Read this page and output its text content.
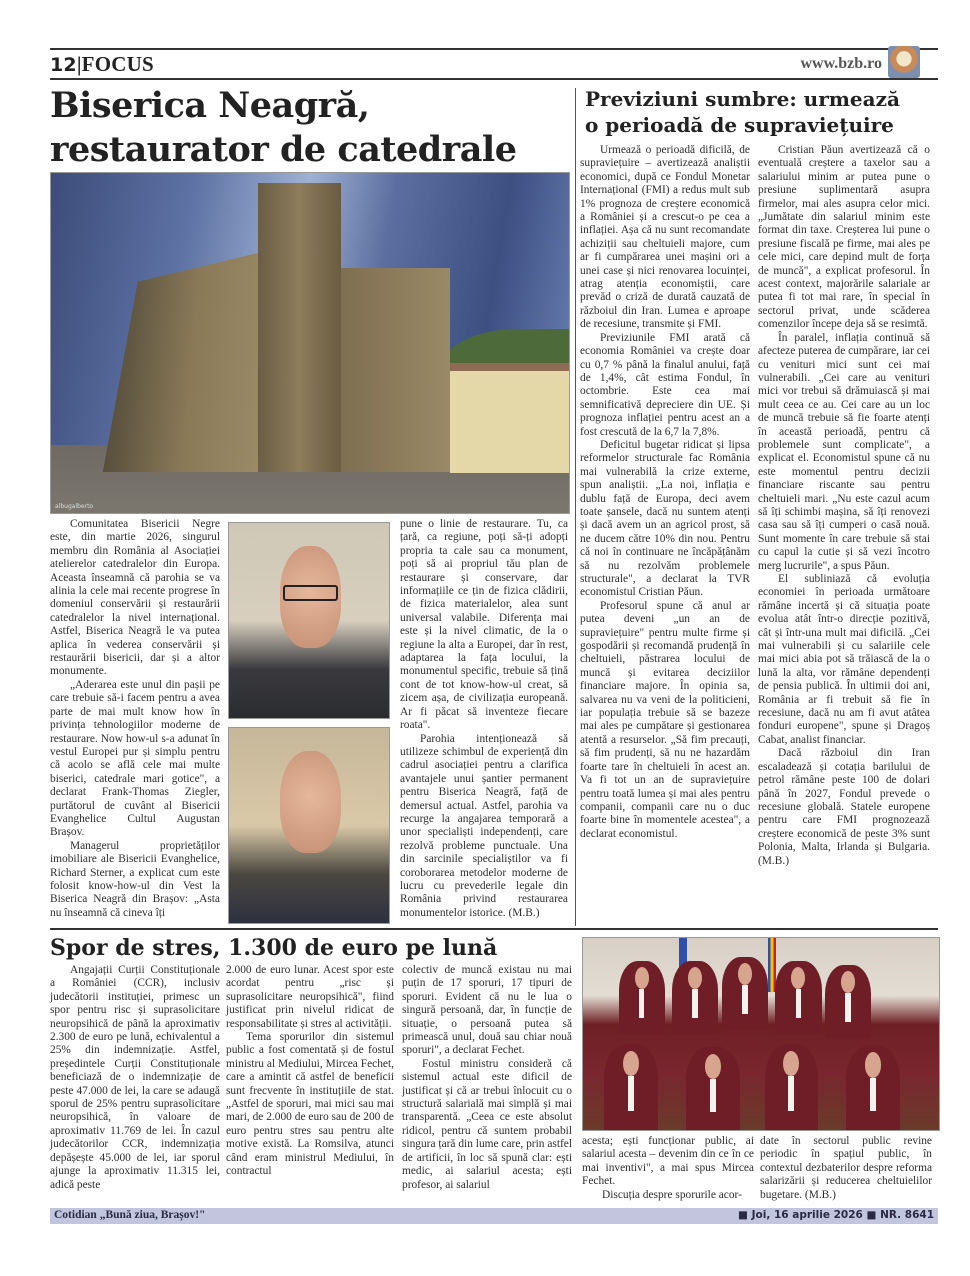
12|FOCUS	www.bzb.ro
Biserica Neagră,
restaurator de catedrale
albugalberto

Comunitatea Bisericii Negre este, din martie 2026, singurul membru din România al Asociației atelierelor catedralelor din Europa. Aceasta înseamnă că parohia se va alinia la cele mai recente progrese în domeniul conservării și restaurării catedralelor la nivel internațional. Astfel, Biserica Neagră le va putea aplica în vederea conservării și restaurării bisericii, dar și a altor monumente.

„Aderarea este unul din pașii pe care trebuie să-i facem pentru a avea parte de mai mult know how în privința tehnologiilor moderne de restaurare. Now how-ul s-a adunat în vestul Europei pur și simplu pentru că acolo se află cele mai multe biserici, catedrale mari gotice", a declarat Frank-Thomas Ziegler, purtătorul de cuvânt al Bisericii Evanghelice Cultul Augustan Brașov.

Managerul proprietăților imobiliare ale Bisericii Evanghelice, Richard Sterner, a explicat cum este folosit know-how-ul din Vest la Biserica Neagră din Brașov: „Asta nu înseamnă că cineva îți

pune o linie de restaurare. Tu, ca țară, ca regiune, poți să-ți adopți propria ta cale sau ca monument, poți să ai propriul tău plan de restaurare și conservare, dar informațiile ce țin de fizica clădirii, de fizica materialelor, alea sunt universal valabile. Diferența mai este și la nivel climatic, de la o regiune la alta a Europei, dar în rest, adaptarea la fața locului, la monumentul specific, trebuie să țină cont de tot know-how-ul creat, să zicem așa, de civilizația europeană. Ar fi păcat să inventeze fiecare roata".

Parohia intenționează să utilizeze schimbul de experiență din cadrul asociației pentru a clarifica avantajele unui șantier permanent pentru Biserica Neagră, față de demersul actual. Astfel, parohia va recurge la angajarea temporară a unor specialiști independenți, care rezolvă probleme punctuale. Una din sarcinile specialiștilor va fi coroborarea metodelor moderne de lucru cu prevederile legale din România privind restaurarea monumentelor istorice. (M.B.)

Previziuni sumbre: urmează
o perioadă de supraviețuire

Urmează o perioadă dificilă, de supraviețuire – avertizează analiștii economici, după ce Fondul Monetar Internațional (FMI) a redus mult sub 1% prognoza de creștere economică a României și a crescut-o pe cea a inflației. Așa că nu sunt recomandate achiziții sau cheltuieli majore, cum ar fi cumpărarea unei mașini ori a unei case și nici renovarea locuinței, atrag atenția economiștii, care prevăd o criză de durată cauzată de războiul din Iran. Lumea e aproape de recesiune, transmite și FMI.

Previziunile FMI arată că economia României va crește doar cu 0,7 % până la finalul anului, față de 1,4%, cât estima Fondul, în octombrie. Este cea mai semnificativă depreciere din UE. Și prognoza inflației pentru acest an a fost crescută de la 6,7 la 7,8%.

Deficitul bugetar ridicat și lipsa reformelor structurale fac România mai vulnerabilă la crize externe, spun analiștii. „La noi, inflația e dublu față de Europa, deci avem toate șansele, dacă nu suntem atenți și dacă avem un an agricol prost, să ne ducem către 10% din nou. Pentru că noi în continuare ne încăpățânăm să nu rezolvăm problemele structurale", a declarat la TVR economistul Cristian Păun.

Profesorul spune că anul ar putea deveni „un an de supraviețuire" pentru multe firme și gospodării și recomandă prudență în cheltuieli, păstrarea locului de muncă și evitarea deciziilor financiare majore. În opinia sa, salvarea nu va veni de la politicieni, iar populația trebuie să se bazeze mai ales pe cumpătare și gestionarea atentă a resurselor. „Să fim precauți, să fim prudenți, să nu ne hazardăm foarte tare în cheltuieli în acest an. Va fi tot un an de supraviețuire pentru toată lumea și mai ales pentru companii, companii care nu o duc foarte bine în momentele acestea", a declarat economistul.

Cristian Păun avertizează că o eventuală creștere a taxelor sau a salariului minim ar putea pune o presiune suplimentară asupra firmelor, mai ales asupra celor mici. „Jumătate din salariul minim este format din taxe. Creșterea lui pune o presiune fiscală pe firme, mai ales pe cele mici, care depind mult de forța de muncă", a explicat profesorul. În acest context, majorările salariale ar putea fi tot mai rare, în special în sectorul privat, unde scăderea comenzilor începe deja să se resimtă.

În paralel, inflația continuă să afecteze puterea de cumpărare, iar cei cu venituri mici sunt cei mai vulnerabili. „Cei care au venituri mici vor trebui să drămuiască și mai mult ceea ce au. Cei care au un loc de muncă trebuie să fie foarte atenți în această perioadă, pentru că problemele sunt complicate", a explicat el. Economistul spune că nu este momentul pentru decizii financiare riscante sau pentru cheltuieli mari. „Nu este cazul acum să îți schimbi mașina, să îți renovezi casa sau să îți cumperi o casă nouă. Sunt momente în care trebuie să stai cu capul la cutie și să vezi încotro merg lucrurile", a spus Păun.

El subliniază că evoluția economiei în perioada următoare rămâne incertă și că situația poate evolua atât într-o direcție pozitivă, cât și într-una mult mai dificilă. „Cei mai vulnerabili și cu salariile cele mai mici abia pot să trăiască de la o lună la alta, vor rămâne dependenți de pensia publică. În ultimii doi ani, România ar fi trebuit să fie în recesiune, dacă nu am fi avut atâtea fonduri europene", spune și Dragoș Cabat, analist financiar.

Dacă războiul din Iran escaladează și cotația barilului de petrol rămâne peste 100 de dolari până în 2027, Fondul prevede o recesiune globală. Statele europene pentru care FMI prognozează creștere economică de peste 3% sunt Polonia, Malta, Irlanda și Bulgaria. (M.B.)

Spor de stres, 1.300 de euro pe lună

Angajații Curții Constituționale a României (CCR), inclusiv judecătorii instituției, primesc un spor pentru risc și suprasolicitare neuropsihică de până la aproximativ 2.300 de euro pe lună, echivalentul a 25% din indemnizație. Astfel, președintele Curții Constituționale beneficiază de o indemnizație de peste 47.000 de lei, la care se adaugă sporul de 25% pentru suprasolicitare neuropsihică, în valoare de aproximativ 11.769 de lei. În cazul judecătorilor CCR, indemnizația depășește 45.000 de lei, iar sporul ajunge la aproximativ 11.315 lei, adică peste

2.000 de euro lunar. Acest spor este acordat pentru „risc și suprasolicitare neuropsihică", fiind justificat prin nivelul ridicat de responsabilitate și stres al activității.

Tema sporurilor din sistemul public a fost comentată și de fostul ministru al Mediului, Mircea Fechet, care a amintit că astfel de beneficii sunt frecvente în instituțiile de stat. „Astfel de sporuri, mai mici sau mai mari, de 2.000 de euro sau de 200 de euro pentru stres sau pentru alte motive există. La Romsilva, atunci când eram ministrul Mediului, în contractul

colectiv de muncă existau nu mai puțin de 17 sporuri, 17 tipuri de sporuri. Evident că nu le lua o singură persoană, dar, în funcție de situație, o persoană putea să primească unul, două sau chiar nouă sporuri", a declarat Fechet.

Fostul ministru consideră că sistemul actual este dificil de justificat și că ar trebui înlocuit cu o structură salarială mai simplă și mai transparentă. „Ceea ce este absolut ridicol, pentru că suntem probabil singura țară din lume care, prin astfel de artificii, în loc să spună clar: ești medic, ai salariul acesta; ești profesor, ai salariul

acesta; ești funcționar public, ai salariul acesta – devenim din ce în ce mai inventivi", a mai spus Mircea Fechet.

Discuția despre sporurile acor-

date în sectorul public revine periodic în spațiul public, în contextul dezbaterilor despre reforma salarizării și reducerea cheltuielilor bugetare. (M.B.)

Cotidian „Bună ziua, Brașov!"	■ Joi, 16 aprilie 2026 ■ NR. 8641
